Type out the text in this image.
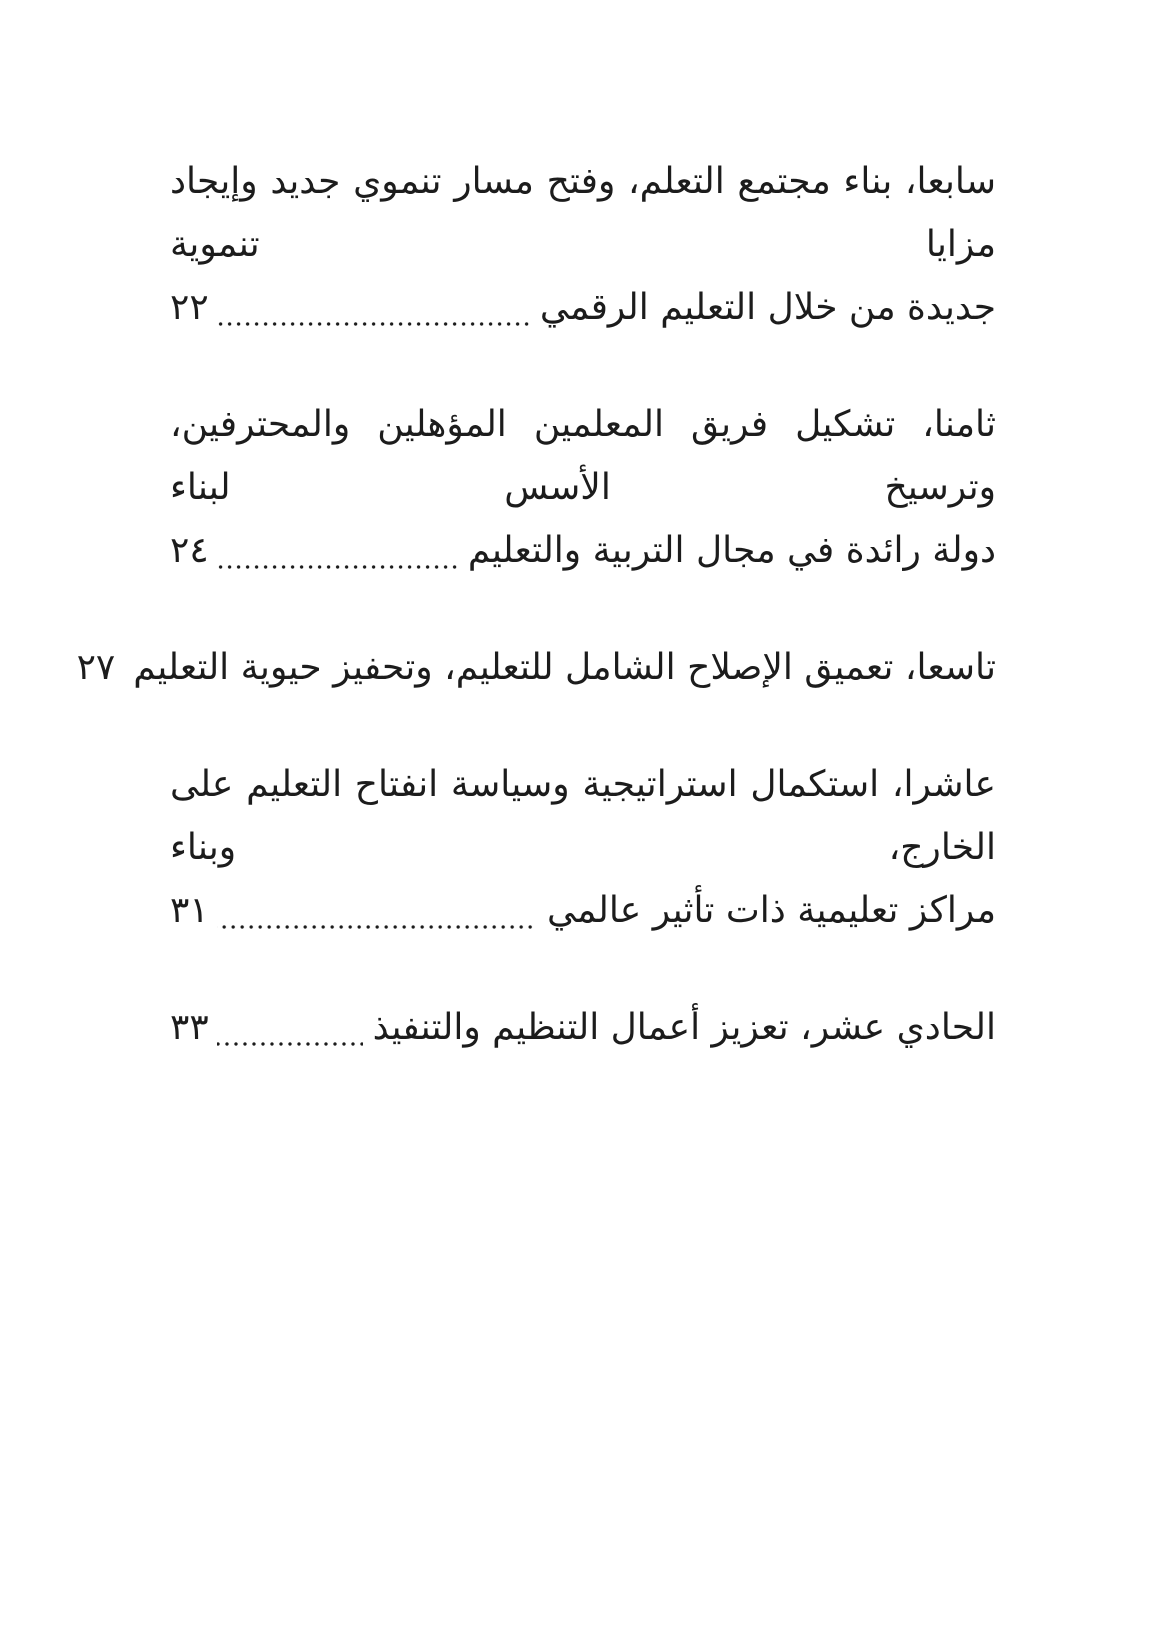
سابعا، بناء مجتمع التعلم، وفتح مسار تنموي جديد وإيجاد مزايا تنموية
جديدة من خلال التعليم الرقمي
٢٢
ثامنا، تشكيل فريق المعلمين المؤهلين والمحترفين، وترسيخ الأسس لبناء
دولة رائدة في مجال التربية والتعليم
٢٤
تاسعا، تعميق الإصلاح الشامل للتعليم، وتحفيز حيوية التعليم
٢٧
عاشرا، استكمال استراتيجية وسياسة انفتاح التعليم على الخارج، وبناء
مراكز تعليمية ذات تأثير عالمي
٣١
الحادي عشر، تعزيز أعمال التنظيم والتنفيذ
٣٣
